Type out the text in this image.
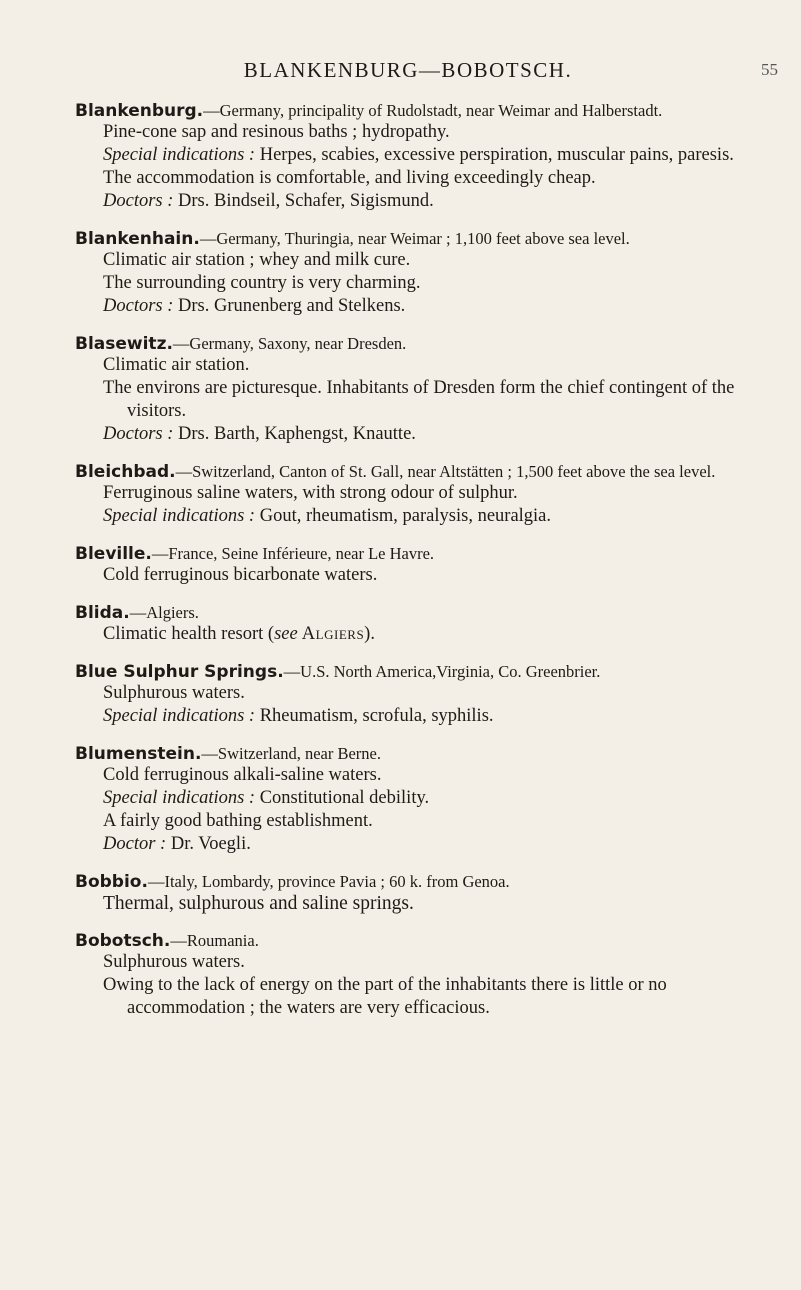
BLANKENBURG—BOBOTSCH.	55

Blankenburg.—Germany, principality of Rudolstadt, near Weimar and Halberstadt.

Pine-cone sap and resinous baths ; hydropathy.

Special indications : Herpes, scabies, excessive perspiration, muscular pains, paresis.

The accommodation is comfortable, and living exceedingly cheap.

Doctors : Drs. Bindseil, Schafer, Sigismund.

Blankenhain.—Germany, Thuringia, near Weimar ; 1,100 feet above sea level.

Climatic air station ; whey and milk cure.

The surrounding country is very charming.

Doctors : Drs. Grunenberg and Stelkens.

Blasewitz.—Germany, Saxony, near Dresden.

Climatic air station.

The environs are picturesque. Inhabitants of Dresden form the chief contingent of the visitors.

Doctors : Drs. Barth, Kaphengst, Knautte.

Bleichbad.—Switzerland, Canton of St. Gall, near Altstätten ; 1,500 feet above the sea level.

Ferruginous saline waters, with strong odour of sulphur.

Special indications : Gout, rheumatism, paralysis, neuralgia.

Bleville.—France, Seine Inférieure, near Le Havre.

Cold ferruginous bicarbonate waters.

Blida.—Algiers.

Climatic health resort (see Algiers).

Blue Sulphur Springs.—U.S. North America,Virginia, Co. Greenbrier.

Sulphurous waters.

Special indications : Rheumatism, scrofula, syphilis.

Blumenstein.—Switzerland, near Berne.

Cold ferruginous alkali-saline waters.

Special indications : Constitutional debility.

A fairly good bathing establishment.

Doctor : Dr. Voegli.

Bobbio.—Italy, Lombardy, province Pavia ; 60 k. from Genoa.

Thermal, sulphurous and saline springs.

Bobotsch.—Roumania.

Sulphurous waters.

Owing to the lack of energy on the part of the inhabitants there is little or no accommodation ; the waters are very efficacious.
